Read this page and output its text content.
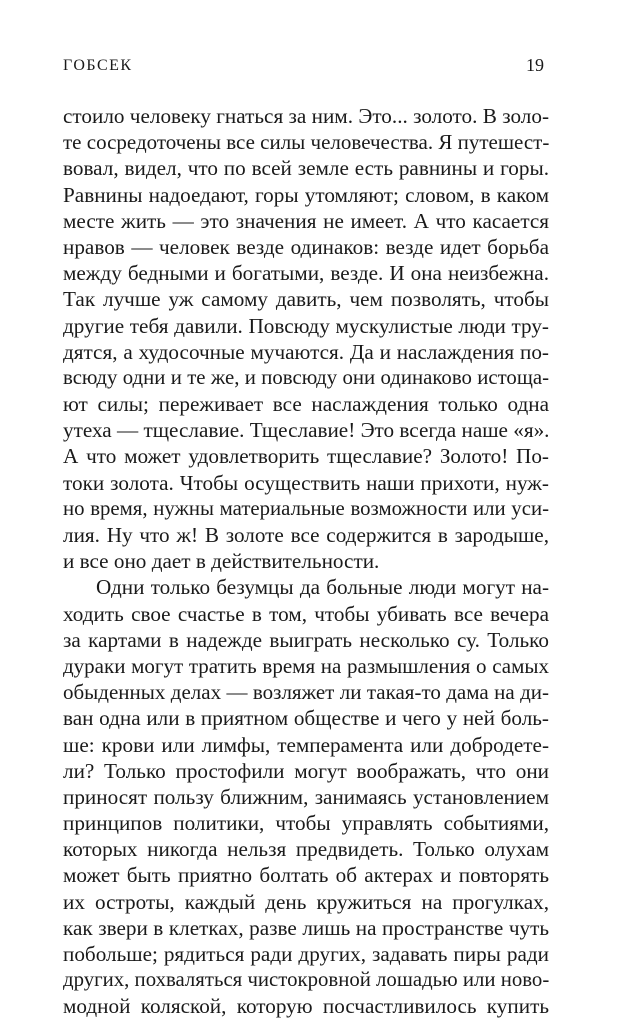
ГОБСЕК	19
стоило человеку гнаться за ним. Это... золото. В золо-
те сосредоточены все силы человечества. Я путешест-
вовал, видел, что по всей земле есть равнины и горы.
Равнины надоедают, горы утомляют; словом, в каком
месте жить — это значения не имеет. А что касается
нравов — человек везде одинаков: везде идет борьба
между бедными и богатыми, везде. И она неизбежна.
Так лучше уж самому давить, чем позволять, чтобы
другие тебя давили. Повсюду мускулистые люди тру-
дятся, а худосочные мучаются. Да и наслаждения по-
всюду одни и те же, и повсюду они одинаково истоща-
ют силы; переживает все наслаждения только одна
утеха — тщеславие. Тщеславие! Это всегда наше «я».
А что может удовлетворить тщеславие? Золото! По-
токи золота. Чтобы осуществить наши прихоти, нуж-
но время, нужны материальные возможности или уси-
лия. Ну что ж! В золоте все содержится в зародыше,
и все оно дает в действительности.
Одни только безумцы да больные люди могут на-
ходить свое счастье в том, чтобы убивать все вечера
за картами в надежде выиграть несколько су. Только
дураки могут тратить время на размышления о самых
обыденных делах — возляжет ли такая-то дама на ди-
ван одна или в приятном обществе и чего у ней боль-
ше: крови или лимфы, темперамента или добродете-
ли? Только простофили могут воображать, что они
приносят пользу ближним, занимаясь установлением
принципов политики, чтобы управлять событиями,
которых никогда нельзя предвидеть. Только олухам
может быть приятно болтать об актерах и повторять
их остроты, каждый день кружиться на прогулках,
как звери в клетках, разве лишь на пространстве чуть
побольше; рядиться ради других, задавать пиры ради
других, похваляться чистокровной лошадью или ново-
модной коляской, которую посчастливилось купить
